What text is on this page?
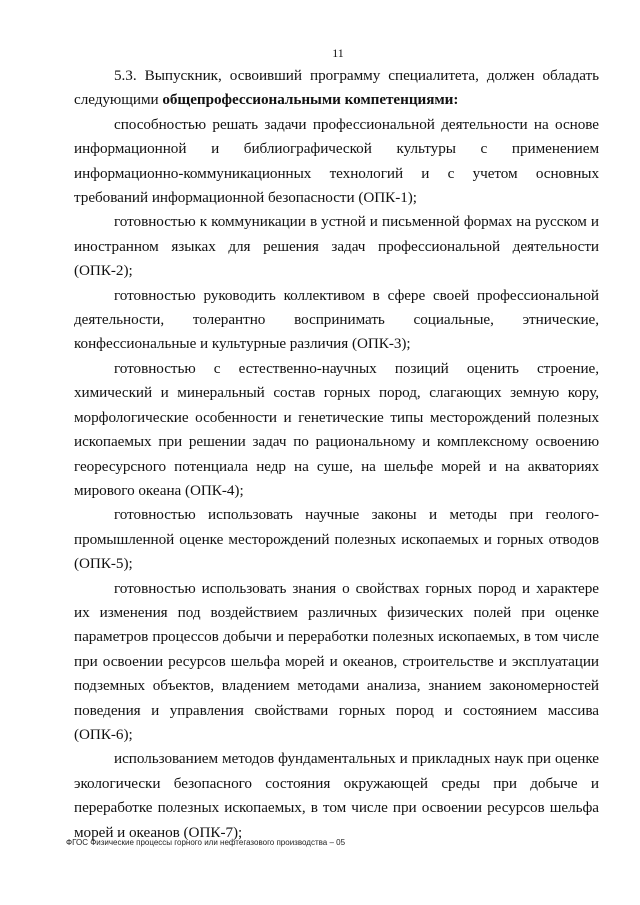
11

5.3. Выпускник, освоивший программу специалитета, должен обладать следующими общепрофессиональными компетенциями:

способностью решать задачи профессиональной деятельности на основе информационной и библиографической культуры с применением информационно-коммуникационных технологий и с учетом основных требований информационной безопасности (ОПК-1);

готовностью к коммуникации в устной и письменной формах на русском и иностранном языках для решения задач профессиональной деятельности (ОПК-2);

готовностью руководить коллективом в сфере своей профессиональной деятельности, толерантно воспринимать социальные, этнические, конфессиональные и культурные различия (ОПК-3);

готовностью с естественно-научных позиций оценить строение, химический и минеральный состав горных пород, слагающих земную кору, морфологические особенности и генетические типы месторождений полезных ископаемых при решении задач по рациональному и комплексному освоению георесурсного потенциала недр на суше, на шельфе морей и на акваториях мирового океана (ОПК-4);

готовностью использовать научные законы и методы при геолого-промышленной оценке месторождений полезных ископаемых и горных отводов (ОПК-5);

готовностью использовать знания о свойствах горных пород и характере их изменения под воздействием различных физических полей при оценке параметров процессов добычи и переработки полезных ископаемых, в том числе при освоении ресурсов шельфа морей и океанов, строительстве и эксплуатации подземных объектов, владением методами анализа, знанием закономерностей поведения и управления свойствами горных пород и состоянием массива (ОПК-6);

использованием методов фундаментальных и прикладных наук при оценке экологически безопасного состояния окружающей среды при добыче и переработке полезных ископаемых, в том числе при освоении ресурсов шельфа морей и океанов (ОПК-7);

ФГОС Физические процессы горного или нефтегазового производства – 05
